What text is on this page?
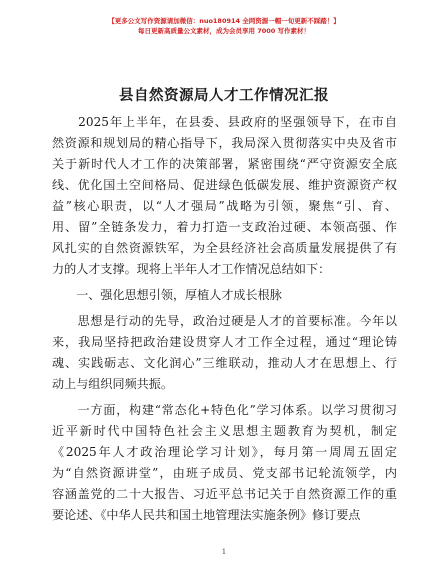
【更多公文写作资源请加微信：nuo180914 全网资源一帽一旬更新不踩踏！】
每日更新高质量公文素材，成为会员享用 7000 写作素材！
县自然资源局人才工作情况汇报
　　2025年上半年，在县委、县政府的坚强领导下，在市自
然资源和规划局的精心指导下，我局深入贯彻落实中央及省市
关于新时代人才工作的决策部署，紧密围绕“严守资源安全底
线、优化国土空间格局、促进绿色低碳发展、维护资源资产权
益”核心职责，以“人才强局”战略为引领，聚焦“引、育、
用、留”全链条发力，着力打造一支政治过硬、本领高强、作
风扎实的自然资源铁军，为全县经济社会高质量发展提供了有
力的人才支撑。现将上半年人才工作情况总结如下：
　　一、强化思想引领，厚植人才成长根脉
　　思想是行动的先导，政治过硬是人才的首要标准。今年以
来，我局坚持把政治建设贯穿人才工作全过程，通过“理论铸
魂、实践砺志、文化润心”三维联动，推动人才在思想上、行
动上与组织同频共振。
　　一方面，构建“常态化+特色化”学习体系。以学习贯彻习
近平新时代中国特色社会主义思想主题教育为契机，制定
《2025年人才政治理论学习计划》，每月第一周周五固定
为“自然资源讲堂”，由班子成员、党支部书记轮流领学，内
容涵盖党的二十大报告、习近平总书记关于自然资源工作的重
要论述、《中华人民共和国土地管理法实施条例》修订要点
1
